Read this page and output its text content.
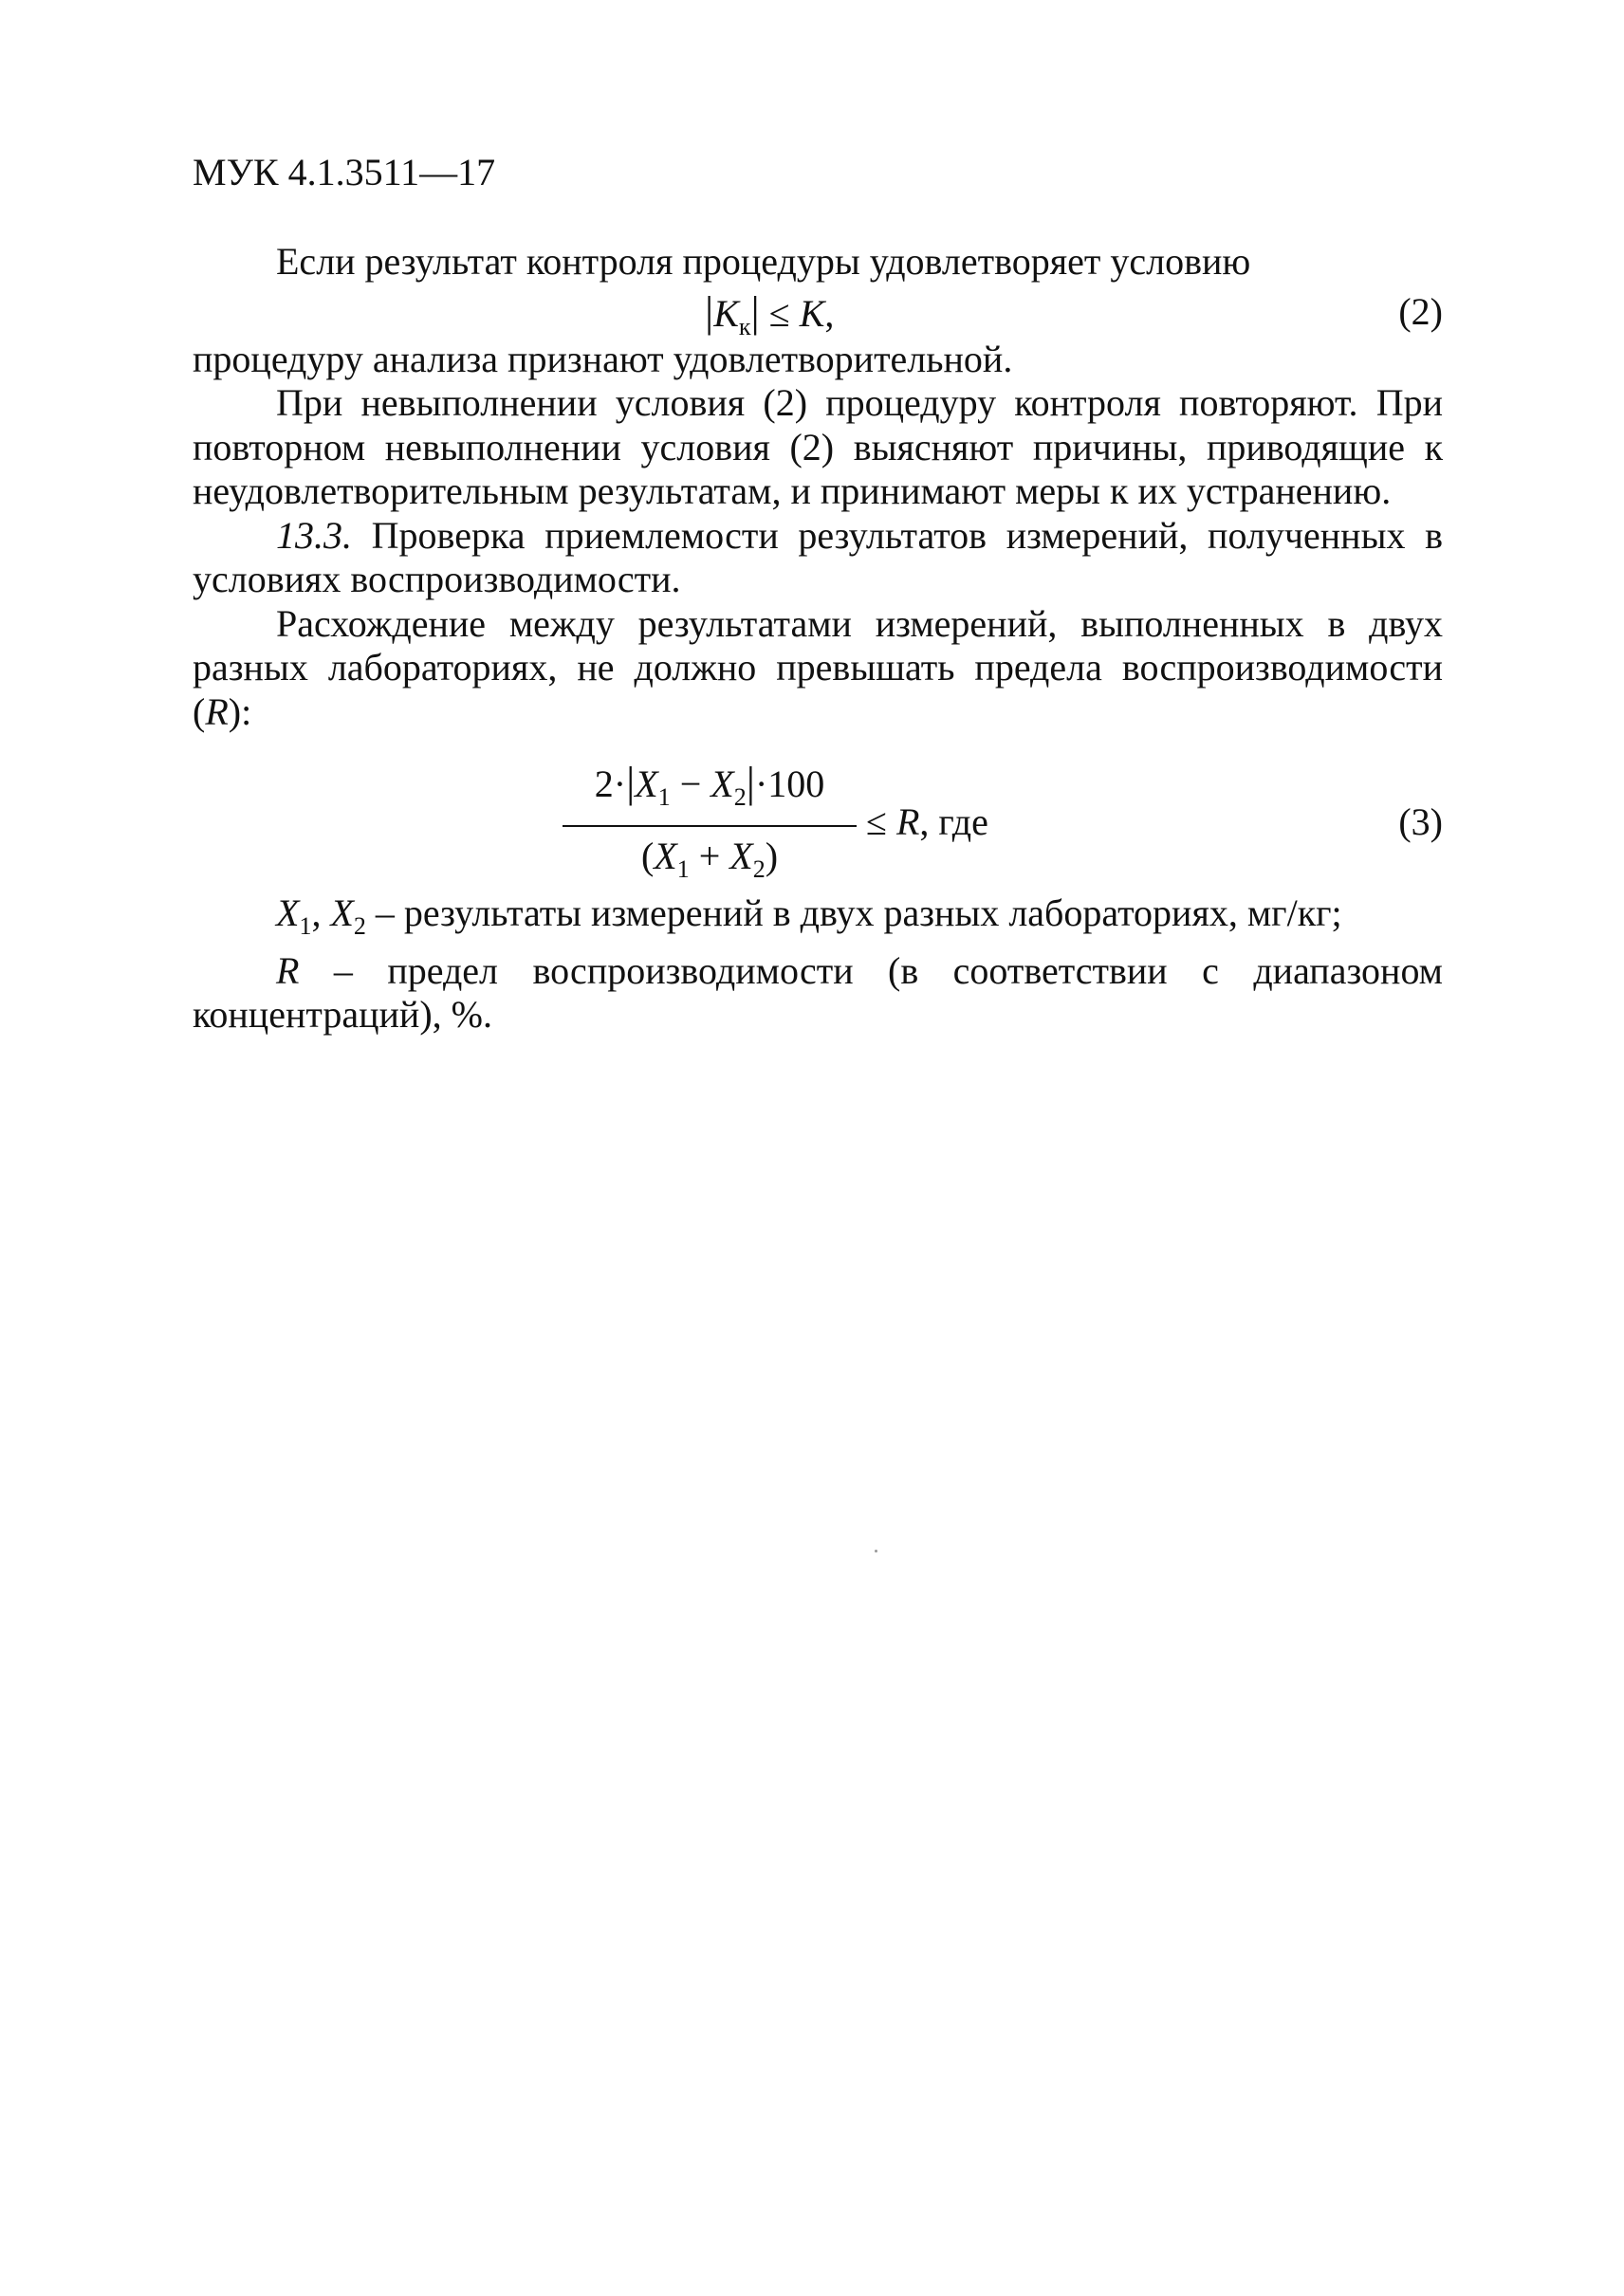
МУК 4.1.3511—17

Если результат контроля процедуры удовлетворяет условию

$|K_к| \le K$,	(2)

процедуру анализа признают удовлетворительной.

При невыполнении условия (2) процедуру контроля повторяют. При повторном невыполнении условия (2) выясняют причины, приводящие к неудовлетворительным результатам, и принимают меры к их устранению.

13.3. Проверка приемлемости результатов измерений, полученных в условиях воспроизводимости.

Расхождение между результатами измерений, выполненных в двух разных лабораториях, не должно превышать предела воспроизводимости (R):

$2\cdot|X_1 - X_2|\cdot 100$
$(X_1 + X_2)$
≤ R, где	(3)

$X_1$, $X_2$ – результаты измерений в двух разных лабораториях, мг/кг;

R – предел воспроизводимости (в соответствии с диапазоном концентраций), %.
